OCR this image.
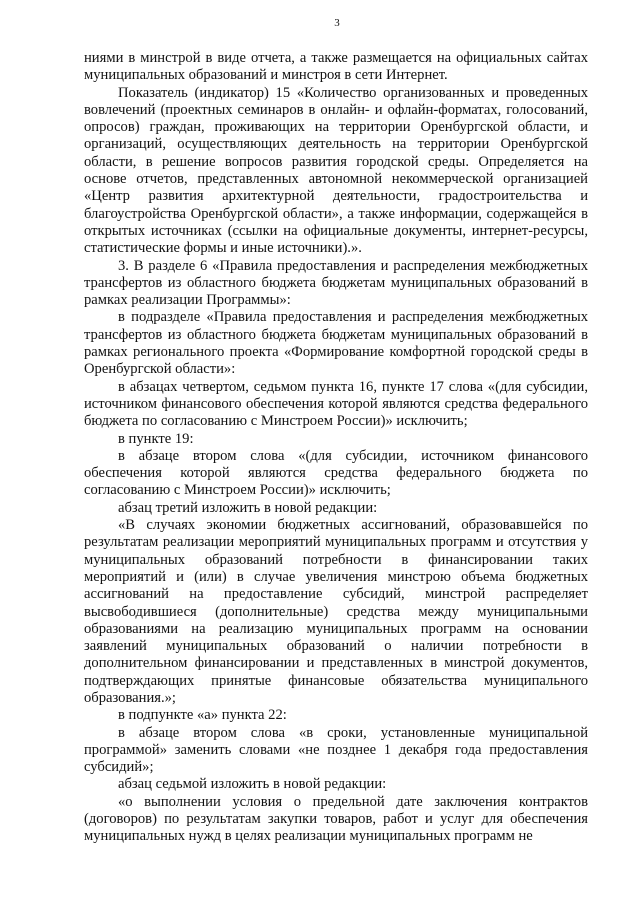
3

ниями в минстрой в виде отчета, а также размещается на официальных сайтах муниципальных образований и минстроя в сети Интернет.

Показатель (индикатор) 15 «Количество организованных и проведенных вовлечений (проектных семинаров в онлайн- и офлайн-форматах, голосований, опросов) граждан, проживающих на территории Оренбургской области, и организаций, осуществляющих деятельность на территории Оренбургской области, в решение вопросов развития городской среды. Определяется на основе отчетов, представленных автономной некоммерческой организацией «Центр развития архитектурной деятельности, градостроительства и благоустройства Оренбургской области», а также информации, содержащейся в открытых источниках (ссылки на официальные документы, интернет-ресурсы, статистические формы и иные источники).».

3. В разделе 6 «Правила предоставления и распределения межбюджетных трансфертов из областного бюджета бюджетам муниципальных образований в рамках реализации Программы»:

в подразделе «Правила предоставления и распределения межбюджетных трансфертов из областного бюджета бюджетам муниципальных образований в рамках регионального проекта «Формирование комфортной городской среды в Оренбургской области»:

в абзацах четвертом, седьмом пункта 16, пункте 17 слова «(для субсидии, источником финансового обеспечения которой являются средства федерального бюджета по согласованию с Минстроем России)» исключить;

в пункте 19:

в абзаце втором слова «(для субсидии, источником финансового обеспечения которой являются средства федерального бюджета по согласованию с Минстроем России)» исключить;

абзац третий изложить в новой редакции:

«В случаях экономии бюджетных ассигнований, образовавшейся по результатам реализации мероприятий муниципальных программ и отсутствия у муниципальных образований потребности в финансировании таких мероприятий и (или) в случае увеличения минстрою объема бюджетных ассигнований на предоставление субсидий, минстрой распределяет высвободившиеся (дополнительные) средства между муниципальными образованиями на реализацию муниципальных программ на основании заявлений муниципальных образований о наличии потребности в дополнительном финансировании и представленных в минстрой документов, подтверждающих принятые финансовые обязательства муниципального образования.»;

в подпункте «а» пункта 22:

в абзаце втором слова «в сроки, установленные муниципальной программой» заменить словами «не позднее 1 декабря года предоставления субсидий»;

абзац седьмой изложить в новой редакции:

«о выполнении условия о предельной дате заключения контрактов (договоров) по результатам закупки товаров, работ и услуг для обеспечения муниципальных нужд в целях реализации муниципальных программ не
